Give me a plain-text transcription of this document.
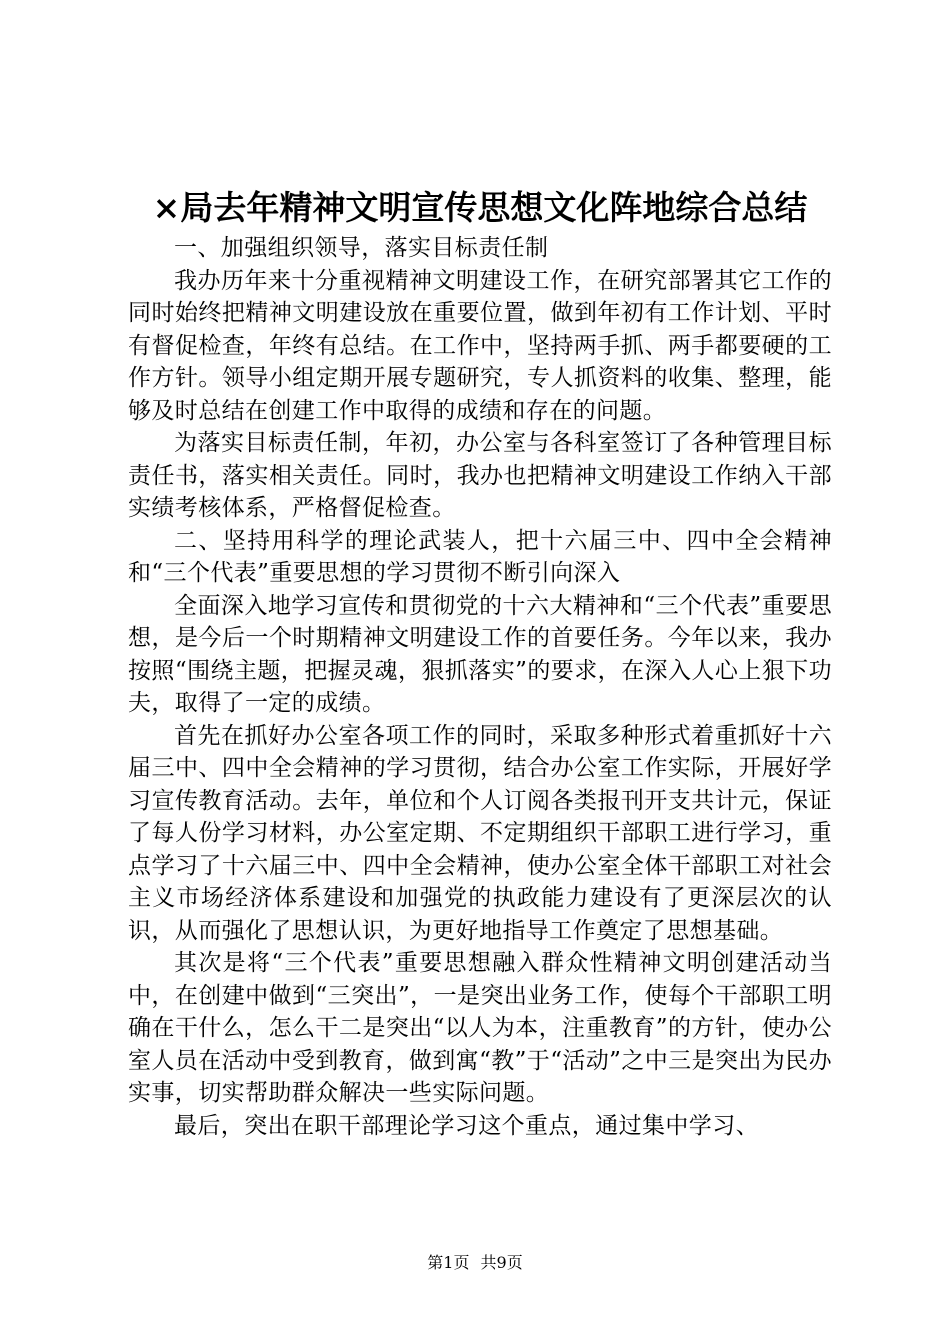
×局去年精神文明宣传思想文化阵地综合总结

一、加强组织领导，落实目标责任制

我办历年来十分重视精神文明建设工作，在研究部署其它工作的同时始终把精神文明建设放在重要位置，做到年初有工作计划、平时有督促检查，年终有总结。在工作中，坚持两手抓、两手都要硬的工作方针。领导小组定期开展专题研究，专人抓资料的收集、整理，能够及时总结在创建工作中取得的成绩和存在的问题。

为落实目标责任制，年初，办公室与各科室签订了各种管理目标责任书，落实相关责任。同时，我办也把精神文明建设工作纳入干部实绩考核体系，严格督促检查。

二、坚持用科学的理论武装人，把十六届三中、四中全会精神和“三个代表”重要思想的学习贯彻不断引向深入

全面深入地学习宣传和贯彻党的十六大精神和“三个代表”重要思想，是今后一个时期精神文明建设工作的首要任务。今年以来，我办按照“围绕主题，把握灵魂，狠抓落实”的要求，在深入人心上狠下功夫，取得了一定的成绩。

首先在抓好办公室各项工作的同时，采取多种形式着重抓好十六届三中、四中全会精神的学习贯彻，结合办公室工作实际，开展好学习宣传教育活动。去年，单位和个人订阅各类报刊开支共计元，保证了每人份学习材料，办公室定期、不定期组织干部职工进行学习，重点学习了十六届三中、四中全会精神，使办公室全体干部职工对社会主义市场经济体系建设和加强党的执政能力建设有了更深层次的认识，从而强化了思想认识，为更好地指导工作奠定了思想基础。

其次是将“三个代表”重要思想融入群众性精神文明创建活动当中，在创建中做到“三突出”，一是突出业务工作，使每个干部职工明确在干什么，怎么干二是突出“以人为本，注重教育”的方针，使办公室人员在活动中受到教育，做到寓“教”于“活动”之中三是突出为民办实事，切实帮助群众解决一些实际问题。

最后，突出在职干部理论学习这个重点，通过集中学习、

第1页 共9页
